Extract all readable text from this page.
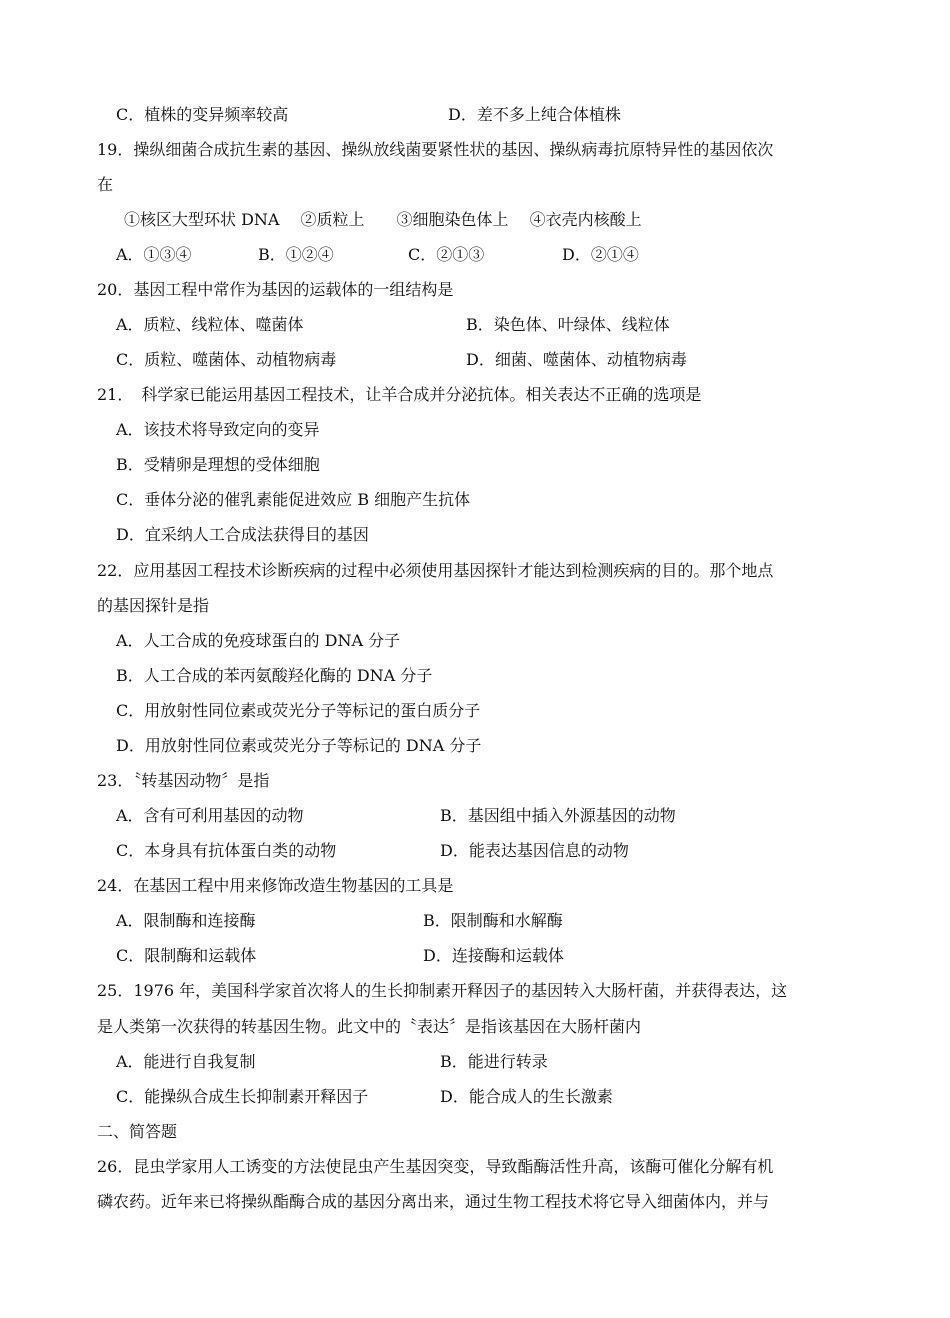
C．植株的变异频率较高	D．差不多上纯合体植株
19．操纵细菌合成抗生素的基因、操纵放线菌要紧性状的基因、操纵病毒抗原特异性的基因依次
在
①核区大型环状 DNA　 ②质粒上　　③细胞染色体上　 ④衣壳内核酸上
A．①③④	B．①②④	C．②①③	D．②①④
20．基因工程中常作为基因的运载体的一组结构是
A．质粒、线粒体、噬菌体	B．染色体、叶绿体、线粒体
C．质粒、噬菌体、动植物病毒	D．细菌、噬菌体、动植物病毒
21．　科学家已能运用基因工程技术，让羊合成并分泌抗体。相关表达不正确的选项是
A．该技术将导致定向的变异
B．受精卵是理想的受体细胞
C．垂体分泌的催乳素能促进效应 B 细胞产生抗体
D．宜采纳人工合成法获得目的基因
22．应用基因工程技术诊断疾病的过程中必须使用基因探针才能达到检测疾病的目的。那个地点
的基因探针是指
A．人工合成的免疫球蛋白的 DNA 分子
B．人工合成的苯丙氨酸羟化酶的 DNA 分子
C．用放射性同位素或荧光分子等标记的蛋白质分子
D．用放射性同位素或荧光分子等标记的 DNA 分子
23．〝转基因动物〞是指
A．含有可利用基因的动物	B．基因组中插入外源基因的动物
C．本身具有抗体蛋白类的动物	D．能表达基因信息的动物
24．在基因工程中用来修饰改造生物基因的工具是
A．限制酶和连接酶	B．限制酶和水解酶
C．限制酶和运载体	D．连接酶和运载体
25．1976 年，美国科学家首次将人的生长抑制素开释因子的基因转入大肠杆菌，并获得表达，这
是人类第一次获得的转基因生物。此文中的〝表达〞是指该基因在大肠杆菌内
A．能进行自我复制	B．能进行转录
C．能操纵合成生长抑制素开释因子	D．能合成人的生长激素
二、简答题
26．昆虫学家用人工诱变的方法使昆虫产生基因突变，导致酯酶活性升高，该酶可催化分解有机
磷农药。近年来已将操纵酯酶合成的基因分离出来，通过生物工程技术将它导入细菌体内，并与
